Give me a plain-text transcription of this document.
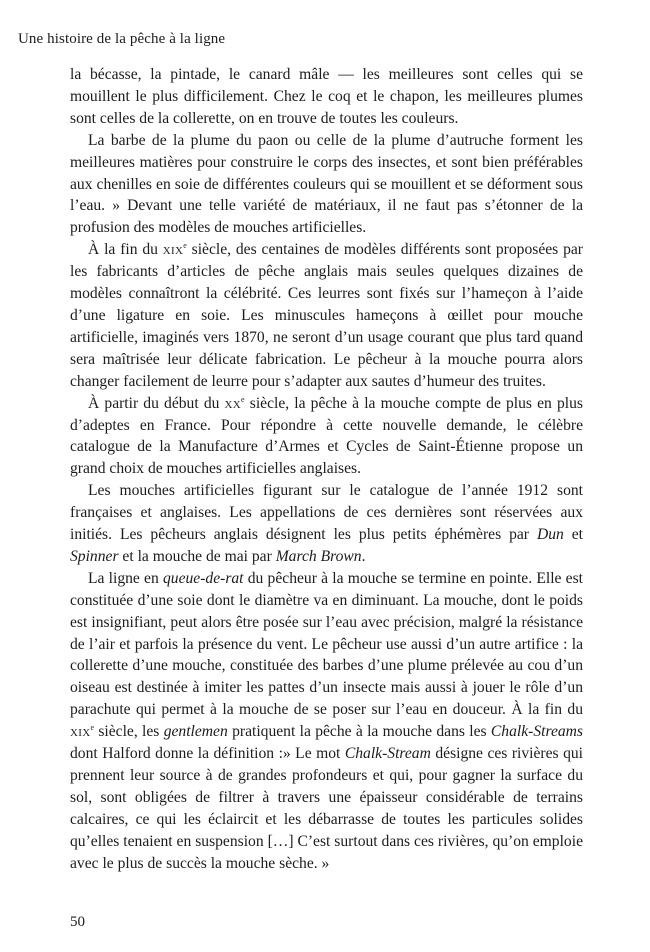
Une histoire de la pêche à la ligne

la bécasse, la pintade, le canard mâle — les meilleures sont celles qui se mouillent le plus difficilement. Chez le coq et le chapon, les meilleures plumes sont celles de la collerette, on en trouve de toutes les couleurs.

La barbe de la plume du paon ou celle de la plume d’autruche forment les meilleures matières pour construire le corps des insectes, et sont bien préférables aux chenilles en soie de différentes couleurs qui se mouillent et se déforment sous l’eau. » Devant une telle variété de matériaux, il ne faut pas s’étonner de la profusion des modèles de mouches artificielles.

À la fin du xix$^e$ siècle, des centaines de modèles différents sont proposées par les fabricants d’articles de pêche anglais mais seules quelques dizaines de modèles connaîtront la célébrité. Ces leurres sont fixés sur l’hameçon à l’aide d’une ligature en soie. Les minuscules hameçons à œillet pour mouche artificielle, imaginés vers 1870, ne seront d’un usage courant que plus tard quand sera maîtrisée leur délicate fabrication. Le pêcheur à la mouche pourra alors changer facilement de leurre pour s’adapter aux sautes d’humeur des truites.

À partir du début du $xx^e$ siècle, la pêche à la mouche compte de plus en plus d’adeptes en France. Pour répondre à cette nouvelle demande, le célèbre catalogue de la Manufacture d’Armes et Cycles de Saint-Étienne propose un grand choix de mouches artificielles anglaises.

Les mouches artificielles figurant sur le catalogue de l’année 1912 sont françaises et anglaises. Les appellations de ces dernières sont réservées aux initiés. Les pêcheurs anglais désignent les plus petits éphémères par Dun et Spinner et la mouche de mai par March Brown.

La ligne en queue-de-rat du pêcheur à la mouche se termine en pointe. Elle est constituée d’une soie dont le diamètre va en diminuant. La mouche, dont le poids est insignifiant, peut alors être posée sur l’eau avec précision, malgré la résistance de l’air et parfois la présence du vent. Le pêcheur use aussi d’un autre artifice : la collerette d’une mouche, constituée des barbes d’une plume prélevée au cou d’un oiseau est destinée à imiter les pattes d’un insecte mais aussi à jouer le rôle d’un parachute qui permet à la mouche de se poser sur l’eau en douceur. À la fin du xix$^e$ siècle, les gentlemen pratiquent la pêche à la mouche dans les Chalk-Streams dont Halford donne la définition :» Le mot Chalk-Stream désigne ces rivières qui prennent leur source à de grandes profondeurs et qui, pour gagner la surface du sol, sont obligées de filtrer à travers une épaisseur considérable de terrains calcaires, ce qui les éclaircit et les débarrasse de toutes les particules solides qu’elles tenaient en suspension […] C’est surtout dans ces rivières, qu’on emploie avec le plus de succès la mouche sèche. »

50
